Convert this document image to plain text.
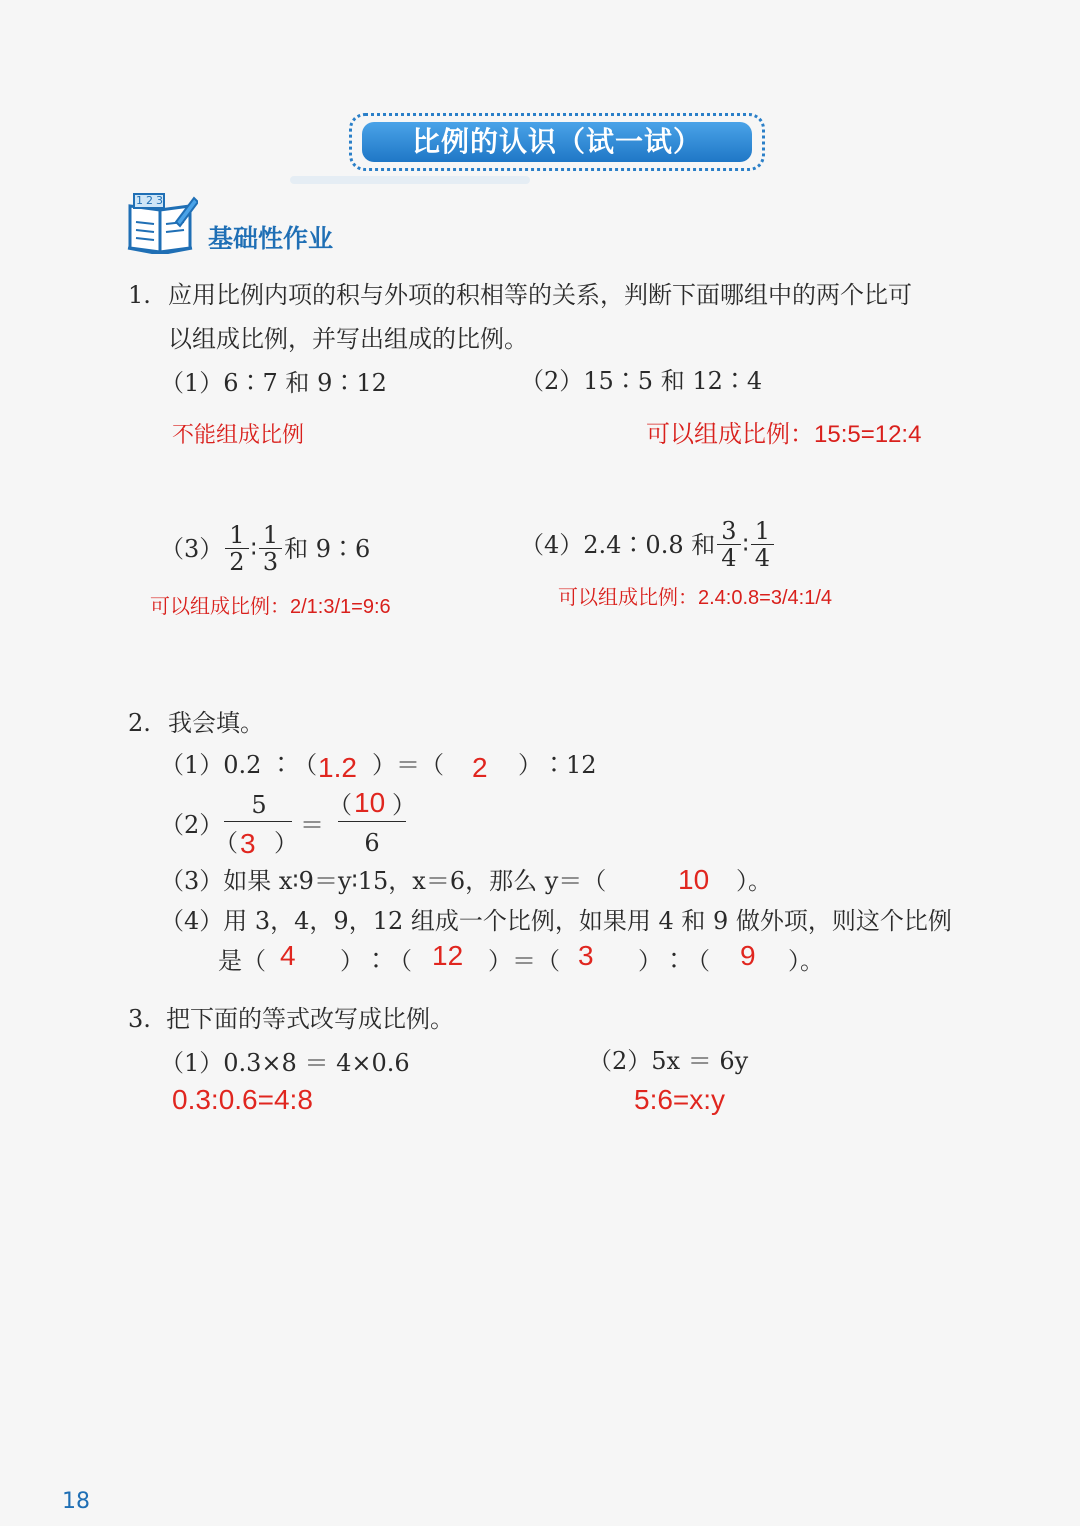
比例的认识（试一试）
123
基础性作业
1. 应用比例内项的积与外项的积相等的关系，判断下面哪组中的两个比可
以组成比例，并写出组成的比例。
（1）6∶7 和 9∶12	（2）15∶5 和 12∶4
不能组成比例	可以组成比例：15:5=12:4
$(3) \frac{1}{2}$ ∶ $\frac{1}{3}$ 和 9∶6	（4）2.4∶0.8 和 $\frac{3}{4}$ ∶ $\frac{1}{4}$
可以组成比例：2/1:3/1=9:6	可以组成比例：2.4:0.8=3/4:1/4
2. 我会填。
（1）0.2 ∶（ 1.2 ）＝（ 2 ）∶12
（2）
5
（ 3 ）
＝
（ 10 ）
6
（3）如果 x∶9＝y∶15，x＝6，那么 y＝（	10 ）。
（4）用 3，4，9，12 组成一个比例，如果用 4 和 9 做外项，则这个比例
是（ 4 ）∶（ 12 ）＝（ 3 ）∶（ 9 ）。
3. 把下面的等式改写成比例。
（1）0.3×8 ＝ 4×0.6	（2）5x ＝ 6y
0.3:0.6=4:8	5:6=x:y
18
